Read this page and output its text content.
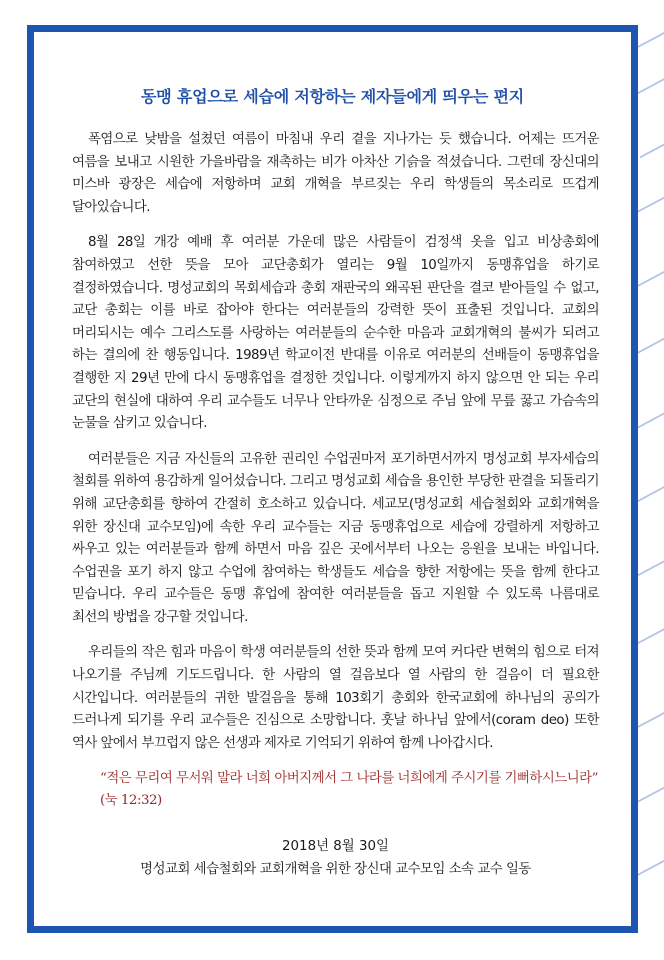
동맹 휴업으로 세습에 저항하는 제자들에게 띄우는 편지

폭염으로 낮밤을 설쳤던 여름이 마침내 우리 곁을 지나가는 듯 했습니다. 어제는 뜨거운 여름을 보내고 시원한 가을바람을 재촉하는 비가 아차산 기슭을 적셨습니다. 그런데 장신대의 미스바 광장은 세습에 저항하며 교회 개혁을 부르짖는 우리 학생들의 목소리로 뜨겁게 달아있습니다.

8월 28일 개강 예배 후 여러분 가운데 많은 사람들이 검정색 옷을 입고 비상총회에 참여하였고 선한 뜻을 모아 교단총회가 열리는 9월 10일까지 동맹휴업을 하기로 결정하였습니다. 명성교회의 목회세습과 총회 재판국의 왜곡된 판단을 결코 받아들일 수 없고, 교단 총회는 이를 바로 잡아야 한다는 여러분들의 강력한 뜻이 표출된 것입니다. 교회의 머리되시는 예수 그리스도를 사랑하는 여러분들의 순수한 마음과 교회개혁의 불씨가 되려고 하는 결의에 찬 행동입니다. 1989년 학교이전 반대를 이유로 여러분의 선배들이 동맹휴업을 결행한 지 29년 만에 다시 동맹휴업을 결정한 것입니다. 이렇게까지 하지 않으면 안 되는 우리 교단의 현실에 대하여 우리 교수들도 너무나 안타까운 심정으로 주님 앞에 무릎 꿇고 가슴속의 눈물을 삼키고 있습니다.

여러분들은 지금 자신들의 고유한 권리인 수업권마저 포기하면서까지 명성교회 부자세습의 철회를 위하여 용감하게 일어섰습니다. 그리고 명성교회 세습을 용인한 부당한 판결을 되돌리기 위해 교단총회를 향하여 간절히 호소하고 있습니다. 세교모(명성교회 세습철회와 교회개혁을 위한 장신대 교수모임)에 속한 우리 교수들는 지금 동맹휴업으로 세습에 강렬하게 저항하고 싸우고 있는 여러분들과 함께 하면서 마음 깊은 곳에서부터 나오는 응원을 보내는 바입니다. 수업권을 포기 하지 않고 수업에 참여하는 학생들도 세습을 향한 저항에는 뜻을 함께 한다고 믿습니다. 우리 교수들은 동맹 휴업에 참여한 여러분들을 돕고 지원할 수 있도록 나름대로 최선의 방법을 강구할 것입니다.

우리들의 작은 힘과 마음이 학생 여러분들의 선한 뜻과 함께 모여 커다란 변혁의 힘으로 터져 나오기를 주님께 기도드립니다. 한 사람의 열 걸음보다 열 사람의 한 걸음이 더 필요한 시간입니다. 여러분들의 귀한 발걸음을 통해 103회기 총회와 한국교회에 하나님의 공의가 드러나게 되기를 우리 교수들은 진심으로 소망합니다. 훗날 하나님 앞에서(coram deo) 또한 역사 앞에서 부끄럽지 않은 선생과 제자로 기억되기 위하여 함께 나아갑시다.

“적은 무리여 무서워 말라 너희 아버지께서 그 나라를 너희에게 주시기를 기뻐하시느니라” (눅 12:32)
2018년 8월 30일
명성교회 세습철회와 교회개혁을 위한 장신대 교수모임 소속 교수 일동
